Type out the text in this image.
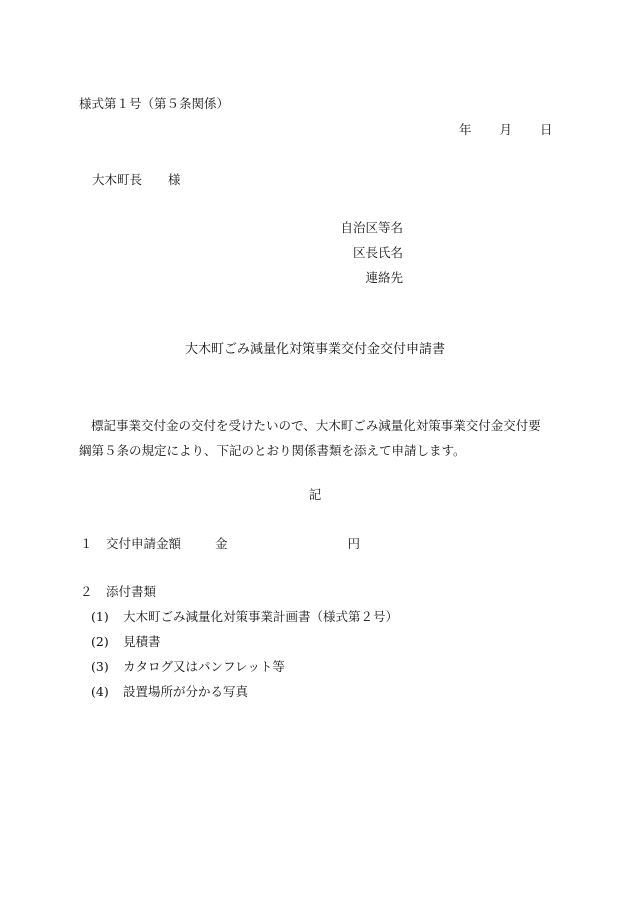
様式第１号（第５条関係）
年 月 日
大木町長 様
自治区等名
区長氏名
連絡先
大木町ごみ減量化対策事業交付金交付申請書
標記事業交付金の交付を受けたいので、大木町ごみ減量化対策事業交付金交付要綱第５条の規定により、下記のとおり関係書類を添えて申請します。
記
１ 交付申請金額	金	円
２ 添付書類
(1) 大木町ごみ減量化対策事業計画書（様式第２号）
(2) 見積書
(3) カタログ又はパンフレット等
(4) 設置場所が分かる写真
